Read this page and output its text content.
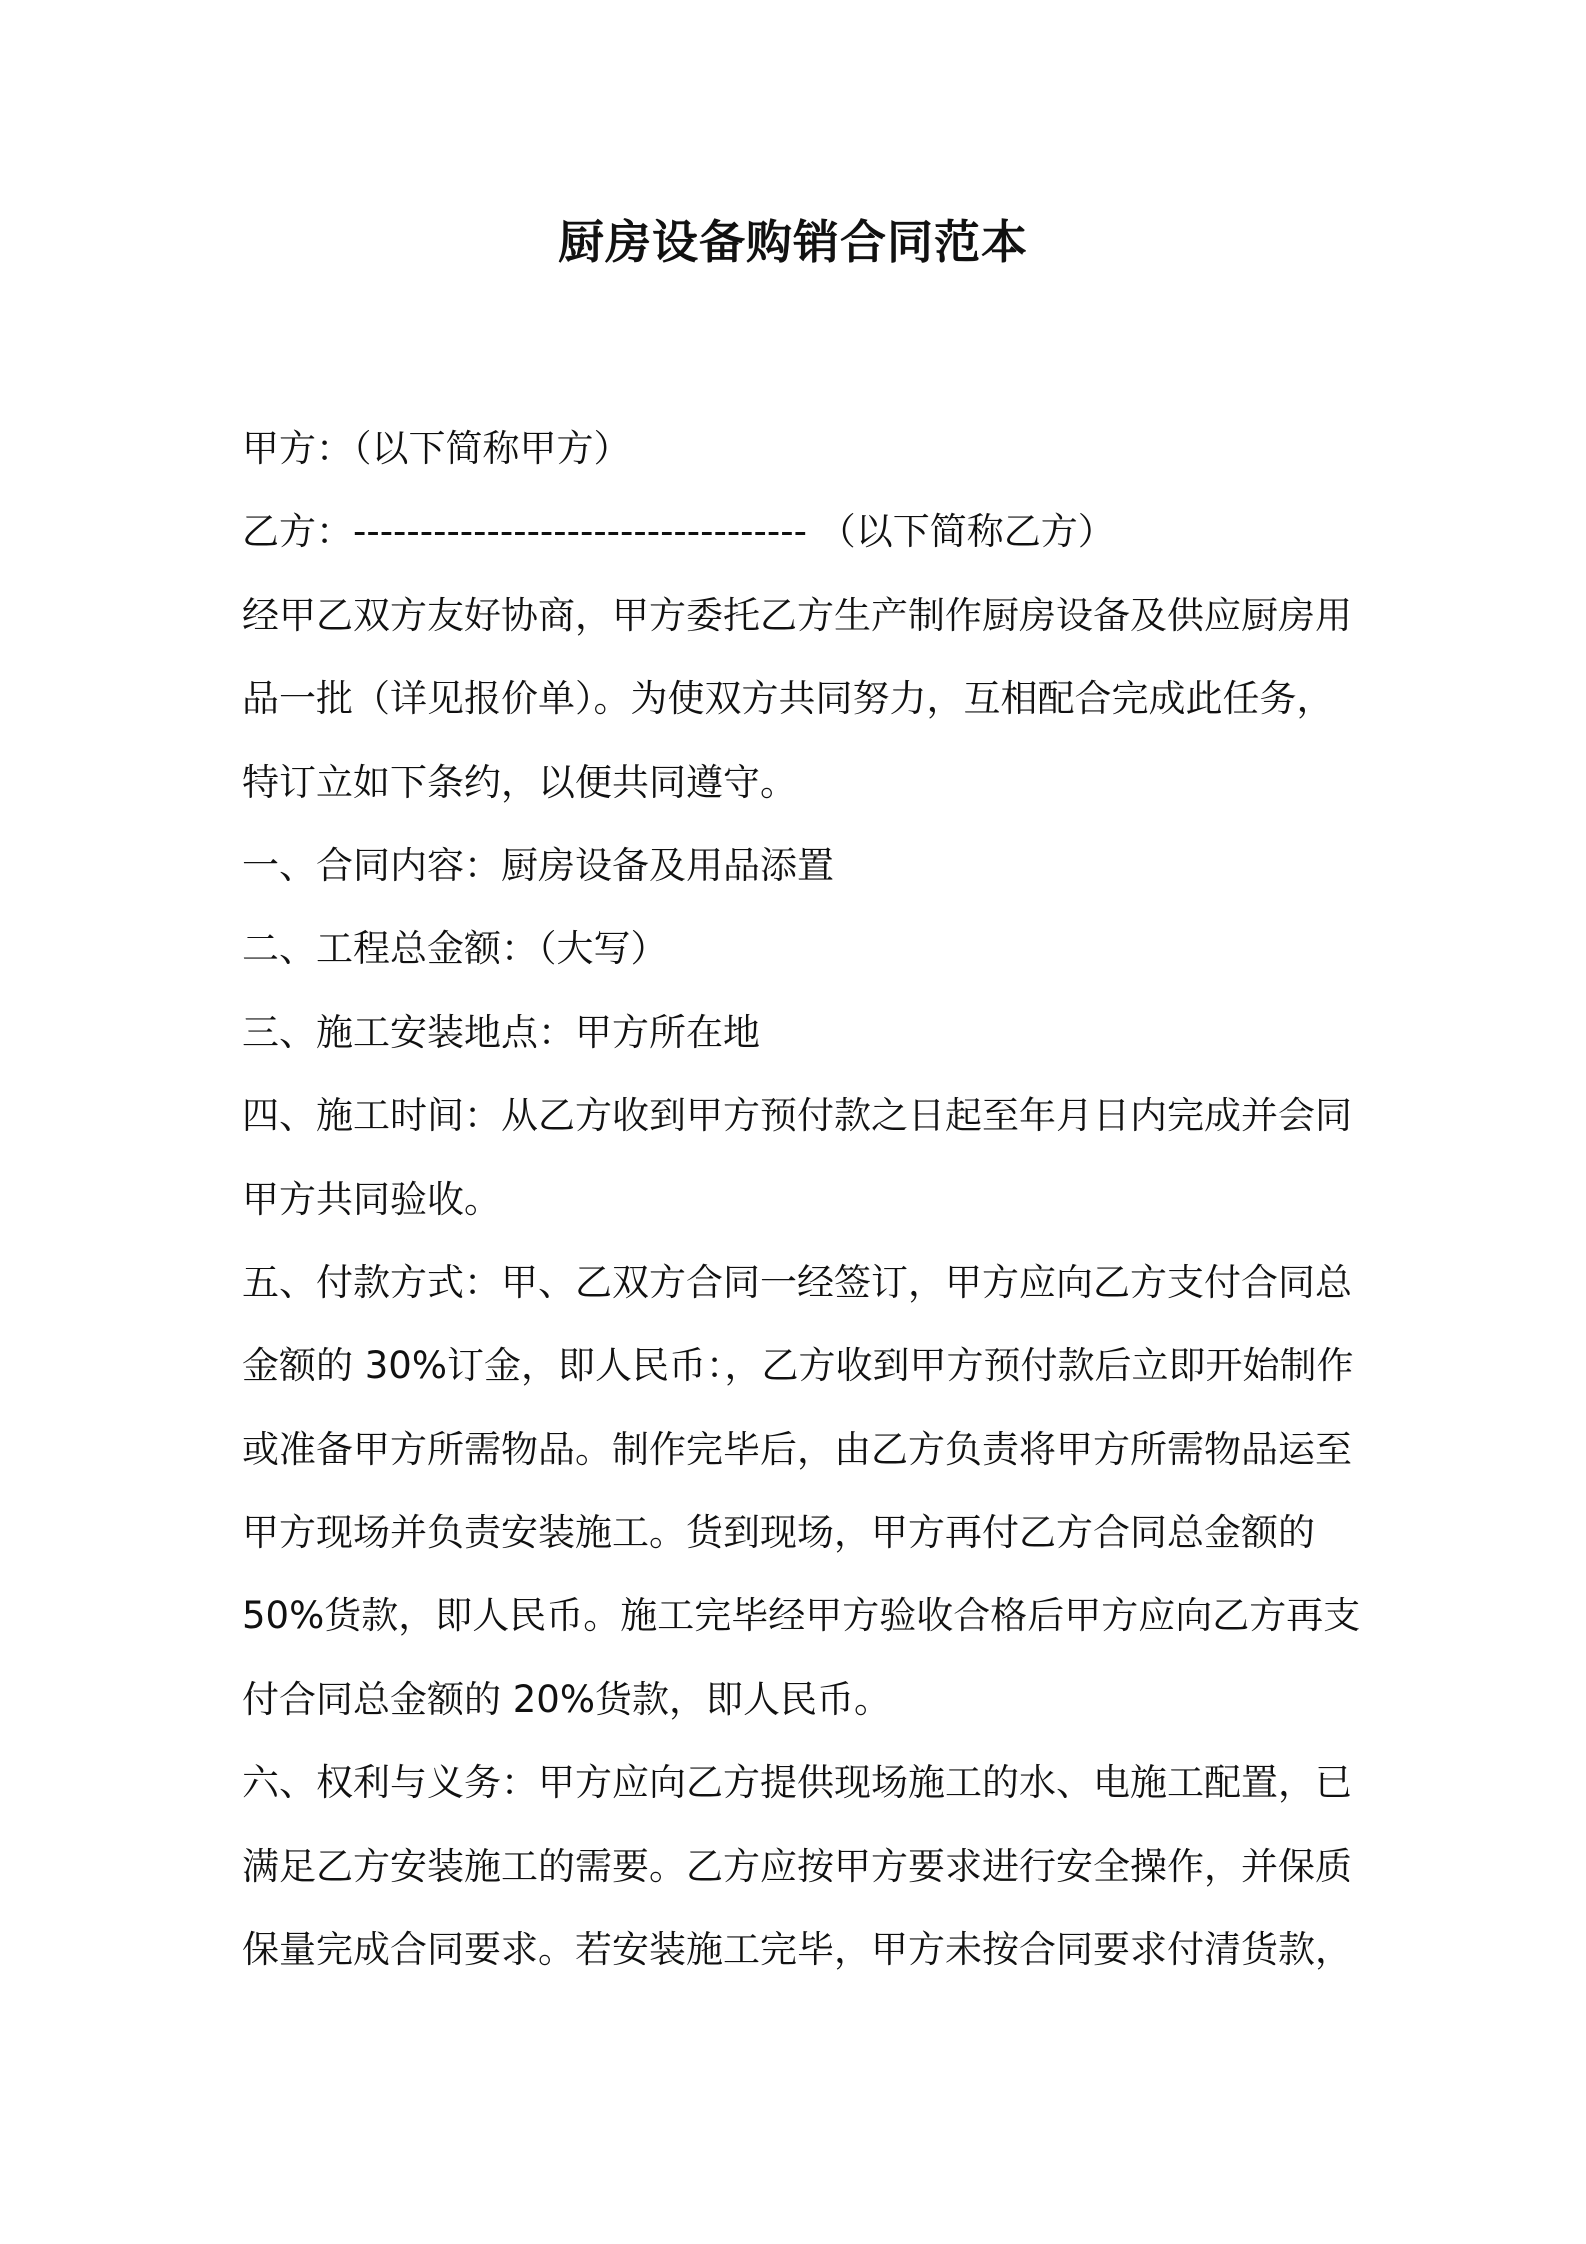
厨房设备购销合同范本
甲方：（以下简称甲方）
乙方：---------------------------------- （以下简称乙方）
经甲乙双方友好协商，甲方委托乙方生产制作厨房设备及供应厨房用
品一批（详见报价单）。为使双方共同努力，互相配合完成此任务，
特订立如下条约，以便共同遵守。
一、合同内容：厨房设备及用品添置
二、工程总金额：（大写）
三、施工安装地点：甲方所在地
四、施工时间：从乙方收到甲方预付款之日起至年月日内完成并会同
甲方共同验收。
五、付款方式：甲、乙双方合同一经签订，甲方应向乙方支付合同总
金额的 30%订金，即人民币：，乙方收到甲方预付款后立即开始制作
或准备甲方所需物品。制作完毕后，由乙方负责将甲方所需物品运至
甲方现场并负责安装施工。货到现场，甲方再付乙方合同总金额的
50%货款，即人民币。施工完毕经甲方验收合格后甲方应向乙方再支
付合同总金额的 20%货款，即人民币。
六、权利与义务：甲方应向乙方提供现场施工的水、电施工配置，已
满足乙方安装施工的需要。乙方应按甲方要求进行安全操作，并保质
保量完成合同要求。若安装施工完毕，甲方未按合同要求付清货款，
